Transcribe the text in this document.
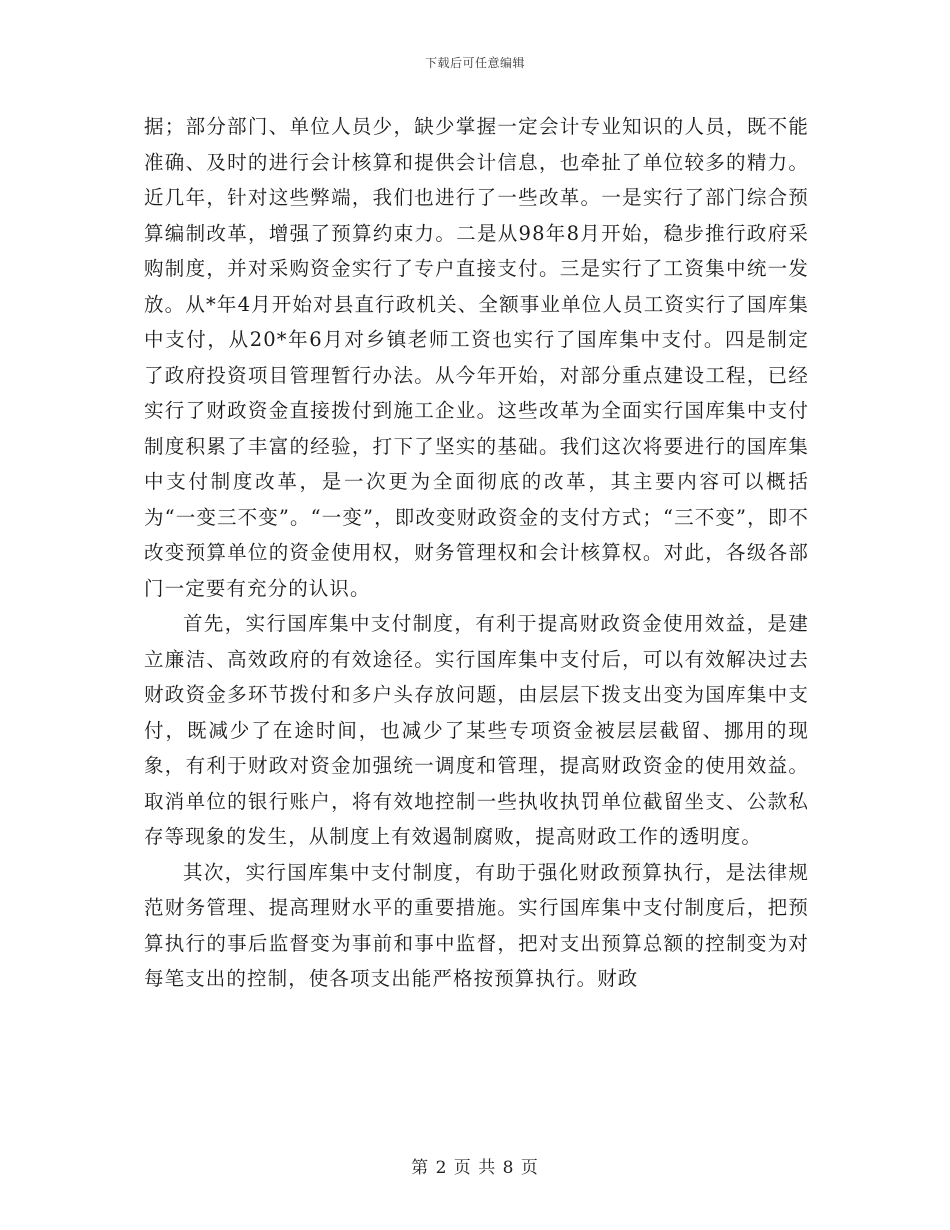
下载后可任意编辑

据；部分部门、单位人员少，缺少掌握一定会计专业知识的人员，既不能准确、及时的进行会计核算和提供会计信息，也牵扯了单位较多的精力。近几年，针对这些弊端，我们也进行了一些改革。一是实行了部门综合预算编制改革，增强了预算约束力。二是从98年8月开始，稳步推行政府采购制度，并对采购资金实行了专户直接支付。三是实行了工资集中统一发放。从*年4月开始对县直行政机关、全额事业单位人员工资实行了国库集中支付，从20*年6月对乡镇老师工资也实行了国库集中支付。四是制定了政府投资项目管理暂行办法。从今年开始，对部分重点建设工程，已经实行了财政资金直接拨付到施工企业。这些改革为全面实行国库集中支付制度积累了丰富的经验，打下了坚实的基础。我们这次将要进行的国库集中支付制度改革，是一次更为全面彻底的改革，其主要内容可以概括为“一变三不变”。“一变”，即改变财政资金的支付方式；“三不变”，即不改变预算单位的资金使用权，财务管理权和会计核算权。对此，各级各部门一定要有充分的认识。

首先，实行国库集中支付制度，有利于提高财政资金使用效益，是建立廉洁、高效政府的有效途径。实行国库集中支付后，可以有效解决过去财政资金多环节拨付和多户头存放问题，由层层下拨支出变为国库集中支付，既减少了在途时间，也减少了某些专项资金被层层截留、挪用的现象，有利于财政对资金加强统一调度和管理，提高财政资金的使用效益。取消单位的银行账户，将有效地控制一些执收执罚单位截留坐支、公款私存等现象的发生，从制度上有效遏制腐败，提高财政工作的透明度。

其次，实行国库集中支付制度，有助于强化财政预算执行，是法律规范财务管理、提高理财水平的重要措施。实行国库集中支付制度后，把预算执行的事后监督变为事前和事中监督，把对支出预算总额的控制变为对每笔支出的控制，使各项支出能严格按预算执行。财政

第 2 页 共 8 页
